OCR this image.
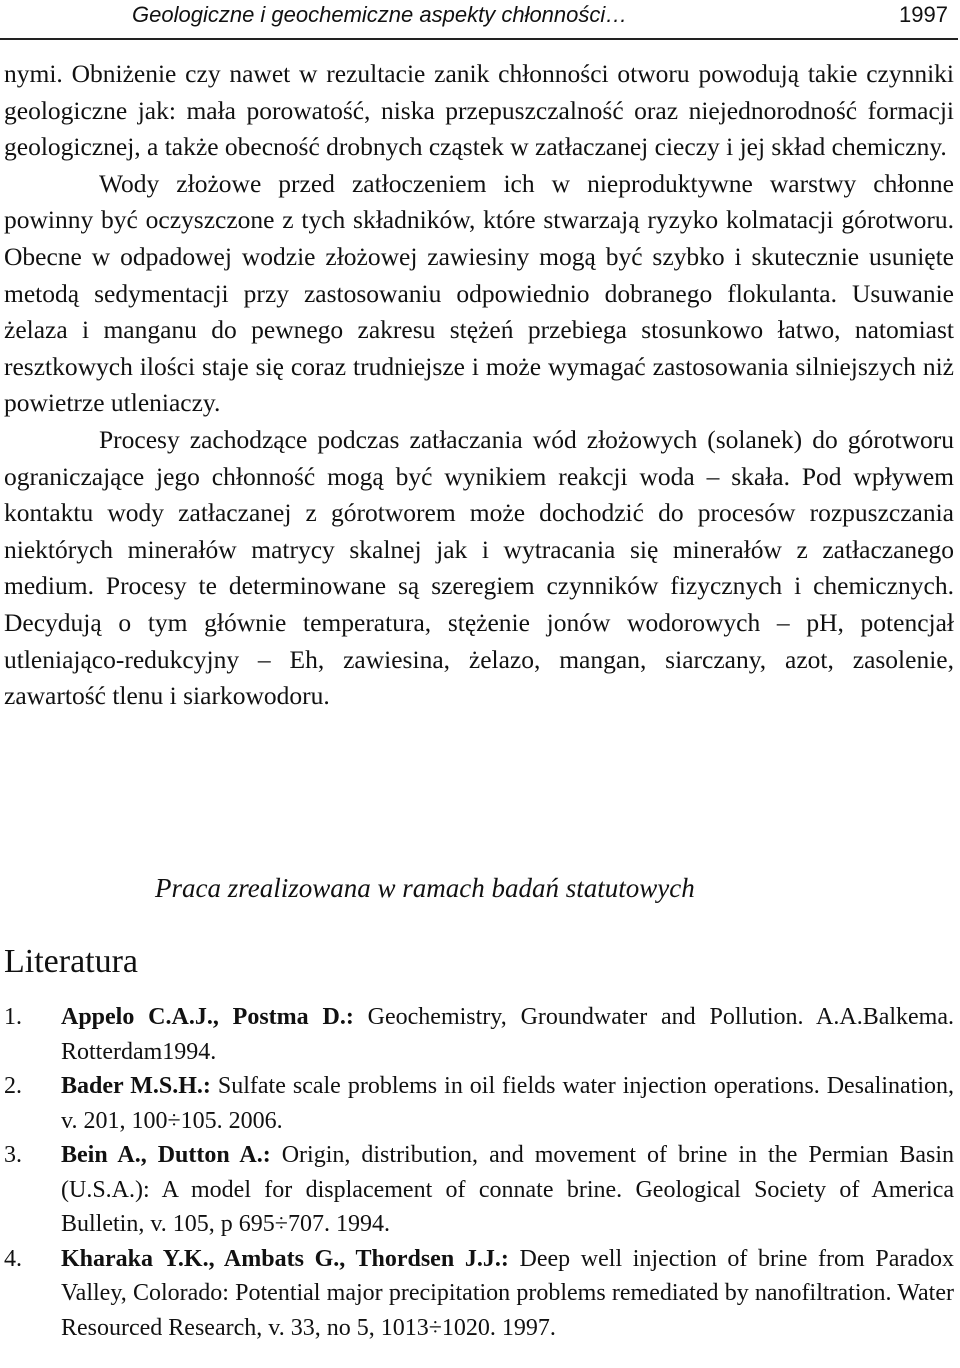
Geologiczne i geochemiczne aspekty chłonności…	1997

nymi. Obniżenie czy nawet w rezultacie zanik chłonności otworu powodują takie czynniki geologiczne jak: mała porowatość, niska przepuszczalność oraz niejednorodność formacji geologicznej, a także obecność drobnych cząstek w zatłaczanej cieczy i jej skład chemiczny.

Wody złożowe przed zatłoczeniem ich w nieproduktywne warstwy chłonne powinny być oczyszczone z tych składników, które stwarzają ryzyko kolmatacji górotworu. Obecne w odpadowej wodzie złożowej zawiesiny mogą być szybko i skutecznie usunięte metodą sedymentacji przy zastosowaniu odpowiednio dobranego flokulanta. Usuwanie żelaza i manganu do pewnego zakresu stężeń przebiega stosunkowo łatwo, natomiast resztkowych ilości staje się coraz trudniejsze i może wymagać zastosowania silniejszych niż powietrze utleniaczy.

Procesy zachodzące podczas zatłaczania wód złożowych (solanek) do górotworu ograniczające jego chłonność mogą być wynikiem reakcji woda – skała. Pod wpływem kontaktu wody zatłaczanej z górotworem może dochodzić do procesów rozpuszczania niektórych minerałów matrycy skalnej jak i wytracania się minerałów z zatłaczanego medium. Procesy te determinowane są szeregiem czynników fizycznych i chemicznych. Decydują o tym głównie temperatura, stężenie jonów wodorowych – pH, potencjał utleniająco-redukcyjny – Eh, zawiesina, żelazo, mangan, siarczany, azot, zasolenie, zawartość tlenu i siarkowodoru.

Praca zrealizowana w ramach badań statutowych
Literatura
1. Appelo C.A.J., Postma D.: Geochemistry, Groundwater and Pollution. A.A.Balkema. Rotterdam1994.
2. Bader M.S.H.: Sulfate scale problems in oil fields water injection operations. Desalination, v. 201, 100÷105. 2006.
3. Bein A., Dutton A.: Origin, distribution, and movement of brine in the Permian Basin (U.S.A.): A model for displacement of connate brine. Geological Society of America Bulletin, v. 105, p 695÷707. 1994.
4. Kharaka Y.K., Ambats G., Thordsen J.J.: Deep well injection of brine from Paradox Valley, Colorado: Potential major precipitation problems remediated by nanofiltration. Water Resourced Research, v. 33, no 5, 1013÷1020. 1997.
